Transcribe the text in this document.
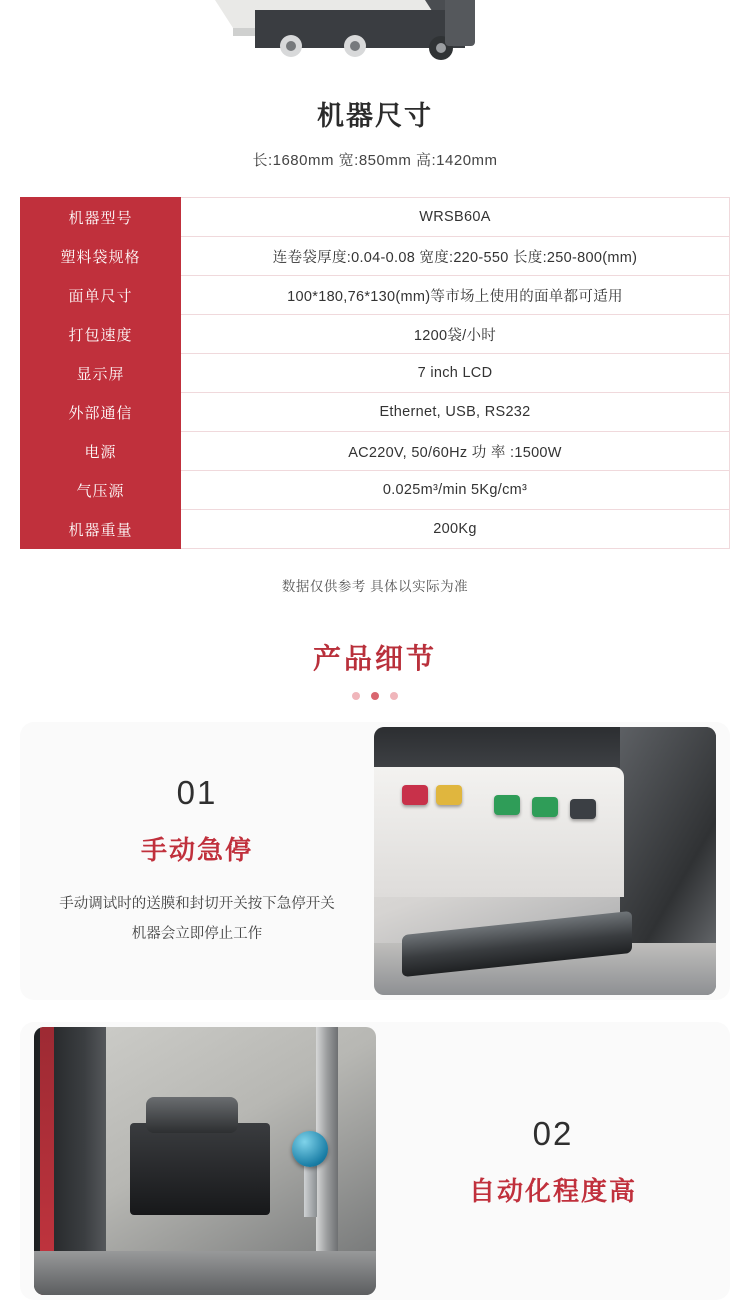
机器尺寸
长:1680mm 宽:850mm 高:1420mm
机器型号	WRSB60A
塑料袋规格	连卷袋厚度:0.04-0.08 宽度:220-550 长度:250-800(mm)
面单尺寸	100*180,76*130(mm)等市场上使用的面单都可适用
打包速度	1200袋/小时
显示屏	7 inch LCD
外部通信	Ethernet, USB, RS232
电源	AC220V, 50/60Hz 功 率 :1500W
气压源	0.025m³/min 5Kg/cm³
机器重量	200Kg
数据仅供参考 具体以实际为准
产品细节
01
手动急停
手动调试时的送膜和封切开关按下急停开关
机器会立即停止工作
02
自动化程度高
